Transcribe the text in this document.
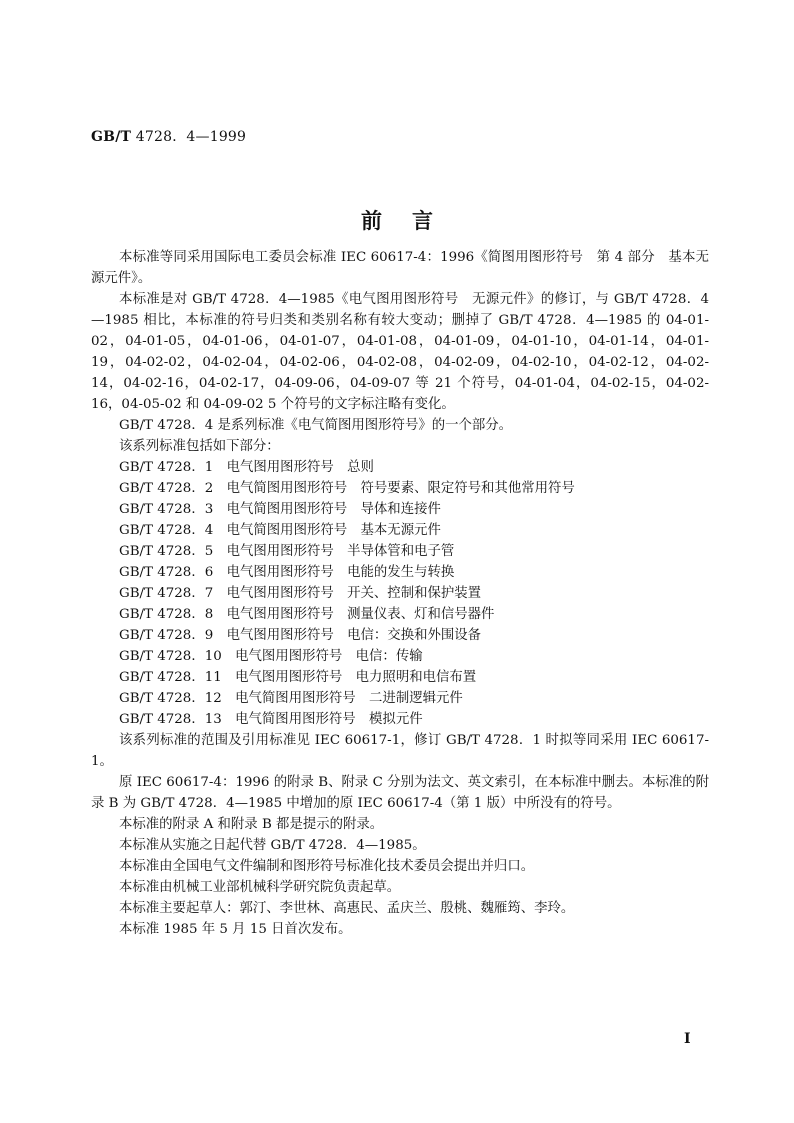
GB/T 4728．4—1999
前言

本标准等同采用国际电工委员会标准 IEC 60617-4：1996《简图用图形符号　第 4 部分　基本无源元件》。

本标准是对 GB/T 4728．4—1985《电气图用图形符号　无源元件》的修订，与 GB/T 4728．4—1985 相比，本标准的符号归类和类别名称有较大变动；删掉了 GB/T 4728．4—1985 的 04-01-02，04-01-05，04-01-06，04-01-07，04-01-08，04-01-09，04-01-10，04-01-14，04-01-19，04-02-02，04-02-04，04-02-06，04-02-08，04-02-09，04-02-10，04-02-12，04-02-14，04-02-16，04-02-17，04-09-06，04-09-07 等 21 个符号，04-01-04，04-02-15，04-02-16，04-05-02 和 04-09-02 5 个符号的文字标注略有变化。

GB/T 4728．4 是系列标准《电气简图用图形符号》的一个部分。

该系列标准包括如下部分：

GB/T 4728．1　电气图用图形符号　总则

GB/T 4728．2　电气简图用图形符号　符号要素、限定符号和其他常用符号

GB/T 4728．3　电气简图用图形符号　导体和连接件

GB/T 4728．4　电气简图用图形符号　基本无源元件

GB/T 4728．5　电气图用图形符号　半导体管和电子管

GB/T 4728．6　电气图用图形符号　电能的发生与转换

GB/T 4728．7　电气图用图形符号　开关、控制和保护装置

GB/T 4728．8　电气图用图形符号　测量仪表、灯和信号器件

GB/T 4728．9　电气图用图形符号　电信：交换和外围设备

GB/T 4728．10　电气图用图形符号　电信：传输

GB/T 4728．11　电气图用图形符号　电力照明和电信布置

GB/T 4728．12　电气简图用图形符号　二进制逻辑元件

GB/T 4728．13　电气简图用图形符号　模拟元件

该系列标准的范围及引用标准见 IEC 60617-1，修订 GB/T 4728．1 时拟等同采用 IEC 60617-1。

原 IEC 60617-4：1996 的附录 B、附录 C 分别为法文、英文索引，在本标准中删去。本标准的附录 B 为 GB/T 4728．4—1985 中增加的原 IEC 60617-4（第 1 版）中所没有的符号。

本标准的附录 A 和附录 B 都是提示的附录。

本标准从实施之日起代替 GB/T 4728．4—1985。

本标准由全国电气文件编制和图形符号标准化技术委员会提出并归口。

本标准由机械工业部机械科学研究院负责起草。

本标准主要起草人：郭汀、李世林、高惠民、孟庆兰、殷桃、魏雁筠、李玲。

本标准 1985 年 5 月 15 日首次发布。

Ⅰ
